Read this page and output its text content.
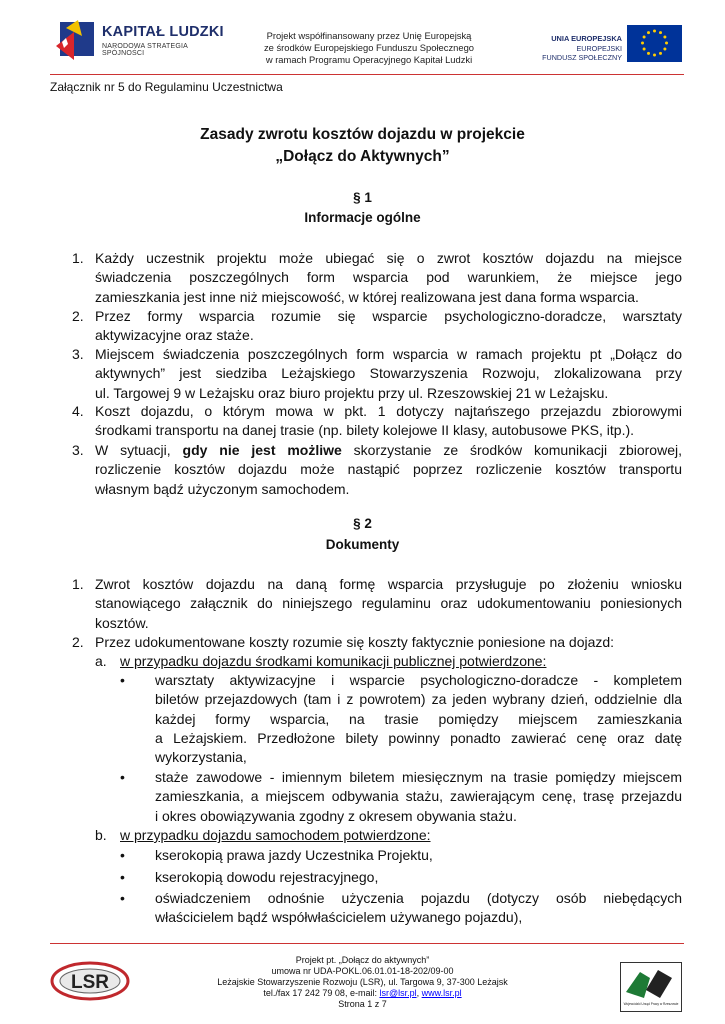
KAPITAŁ LUDZKI
NARODOWA STRATEGIA SPÓJNOŚCI
Projekt współfinansowany przez Unię Europejską
ze środków Europejskiego Funduszu Społecznego
w ramach Programu Operacyjnego Kapitał Ludzki
UNIA EUROPEJSKA
EUROPEJSKI
FUNDUSZ SPOŁECZNY
Załącznik nr 5 do Regulaminu Uczestnictwa
Zasady zwrotu kosztów dojazdu w projekcie
„Dołącz do Aktywnych”
§ 1
Informacje ogólne
1. Każdy uczestnik projektu może ubiegać się o zwrot kosztów dojazdu na miejsce
świadczenia poszczególnych form wsparcia pod warunkiem, że miejsce jego
zamieszkania jest inne niż miejscowość, w której realizowana jest dana forma wsparcia.
2. Przez formy wsparcia rozumie się wsparcie psychologiczno-doradcze, warsztaty
aktywizacyjne oraz staże.
3. Miejscem świadczenia poszczególnych form wsparcia w ramach projektu pt „Dołącz do
aktywnych” jest siedziba Leżajskiego Stowarzyszenia Rozwoju, zlokalizowana przy
ul. Targowej 9 w Leżajsku oraz biuro projektu przy ul. Rzeszowskiej 21 w Leżajsku.
4. Koszt dojazdu, o którym mowa w pkt. 1 dotyczy najtańszego przejazdu zbiorowymi
środkami transportu na danej trasie (np. bilety kolejowe II klasy, autobusowe PKS, itp.).
3. W sytuacji, gdy nie jest możliwe skorzystanie ze środków komunikacji zbiorowej,
rozliczenie kosztów dojazdu może nastąpić poprzez rozliczenie kosztów transportu
własnym bądź użyczonym samochodem.
§ 2
Dokumenty
1. Zwrot kosztów dojazdu na daną formę wsparcia przysługuje po złożeniu wniosku
stanowiącego załącznik do niniejszego regulaminu oraz udokumentowaniu poniesionych
kosztów.
2. Przez udokumentowane koszty rozumie się koszty faktycznie poniesione na dojazd:
a. w przypadku dojazdu środkami komunikacji publicznej potwierdzone:
• warsztaty aktywizacyjne i wsparcie psychologiczno-doradcze - kompletem
biletów przejazdowych (tam i z powrotem) za jeden wybrany dzień, oddzielnie dla
każdej formy wsparcia, na trasie pomiędzy miejscem zamieszkania
a Leżajskiem. Przedłożone bilety powinny ponadto zawierać cenę oraz datę
wykorzystania,
• staże zawodowe - imiennym biletem miesięcznym na trasie pomiędzy miejscem
zamieszkania, a miejscem odbywania stażu, zawierającym cenę, trasę przejazdu
i okres obowiązywania zgodny z okresem obywania stażu.
b. w przypadku dojazdu samochodem potwierdzone:
• kserokopią prawa jazdy Uczestnika Projektu,
• kserokopią dowodu rejestracyjnego,
• oświadczeniem odnośnie użyczenia pojazdu (dotyczy osób niebędących
właścicielem bądź współwłaścicielem używanego pojazdu),
LSR
Projekt pt. „Dołącz do aktywnych”
umowa nr UDA-POKL.06.01.01-18-202/09-00
Leżajskie Stowarzyszenie Rozwoju (LSR), ul. Targowa 9, 37-300 Leżajsk
tel./fax 17 242 79 08, e-mail: lsr@lsr.pl, www.lsr.pl
Strona 1 z 7	Wojewódzki Urząd Pracy w Rzeszowie
